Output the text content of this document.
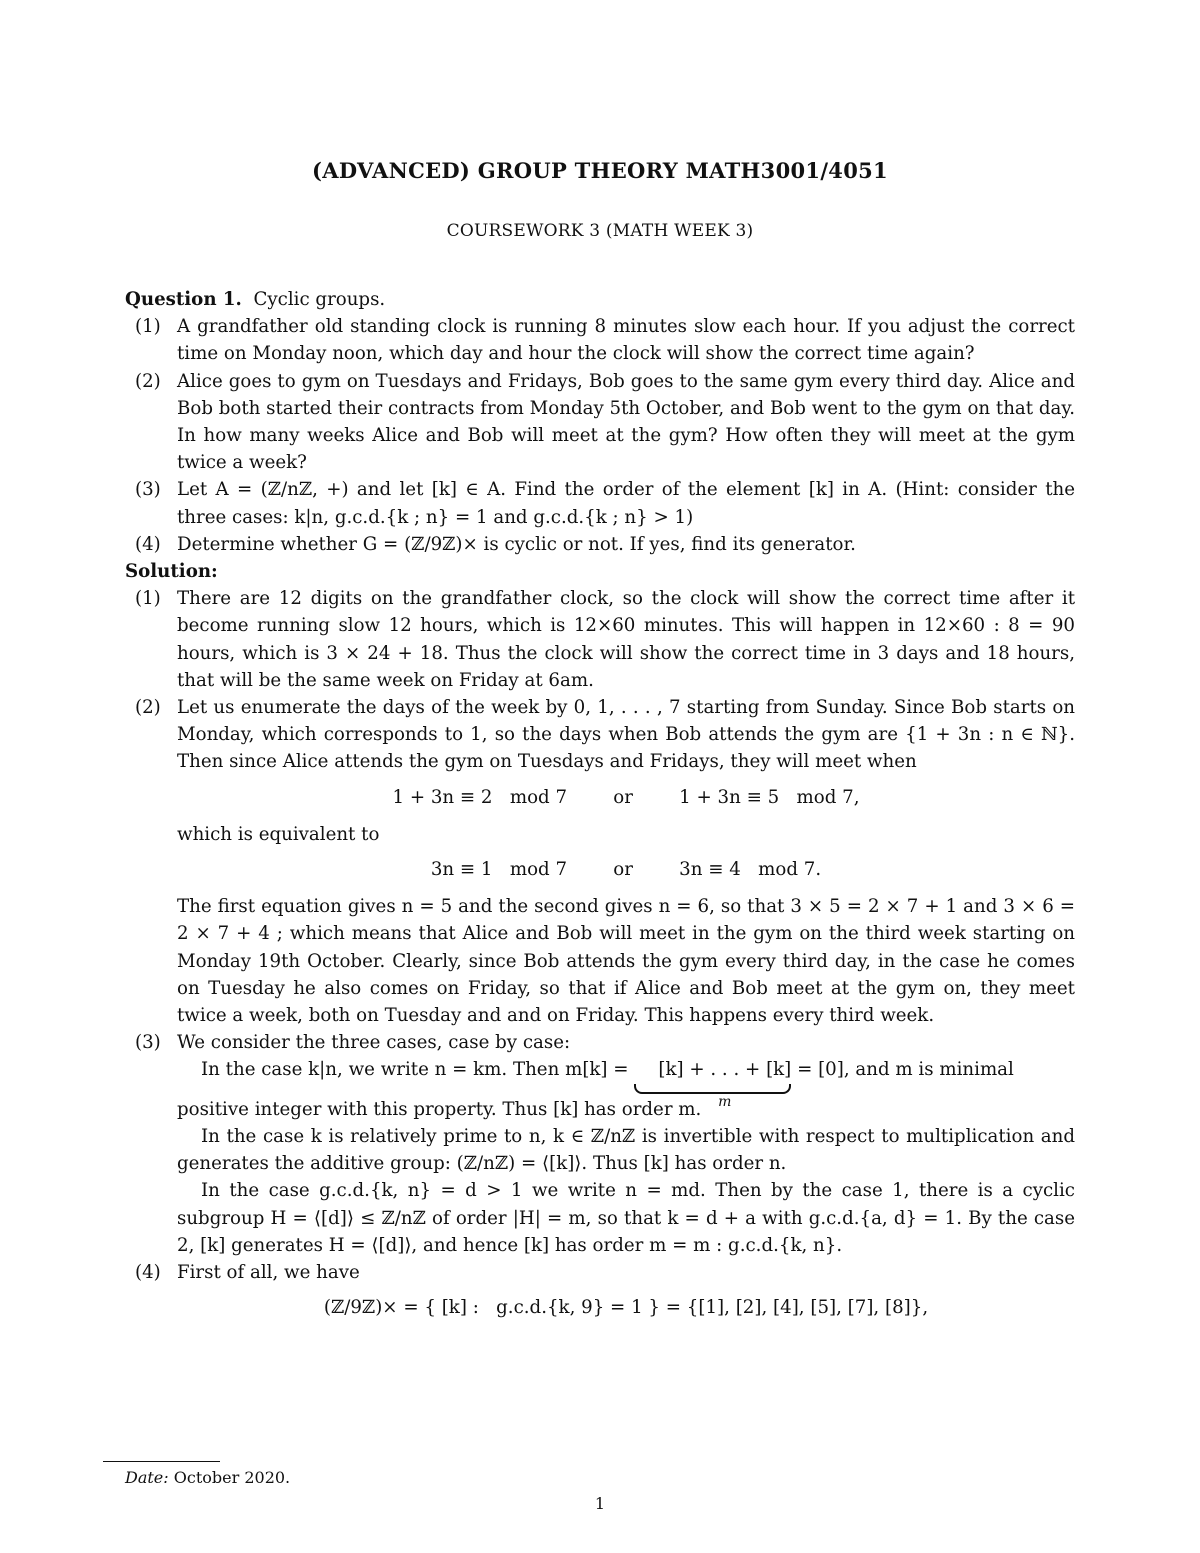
(ADVANCED) GROUP THEORY MATH3001/4051
COURSEWORK 3 (MATH WEEK 3)

Question 1. Cyclic groups.

(1) A grandfather old standing clock is running 8 minutes slow each hour. If you adjust the correct time on Monday noon, which day and hour the clock will show the correct time again?
(2) Alice goes to gym on Tuesdays and Fridays, Bob goes to the same gym every third day. Alice and Bob both started their contracts from Monday 5th October, and Bob went to the gym on that day. In how many weeks Alice and Bob will meet at the gym? How often they will meet at the gym twice a week?
(3) Let A = (ℤ/nℤ, +) and let [k] ∈ A. Find the order of the element [k] in A. (Hint: consider the three cases: k|n, g.c.d.{k ; n} = 1 and g.c.d.{k ; n} > 1)
(4) Determine whether G = (ℤ/9ℤ)× is cyclic or not. If yes, find its generator.

Solution:

(1) There are 12 digits on the grandfather clock, so the clock will show the correct time after it become running slow 12 hours, which is 12×60 minutes. This will happen in 12×60 : 8 = 90 hours, which is 3 × 24 + 18. Thus the clock will show the correct time in 3 days and 18 hours, that will be the same week on Friday at 6am.
(2) Let us enumerate the days of the week by 0, 1, . . . , 7 starting from Sunday. Since Bob starts on Monday, which corresponds to 1, so the days when Bob attends the gym are {1 + 3n : n ∈ ℕ}. Then since Alice attends the gym on Tuesdays and Fridays, they will meet when

1 + 3n ≡ 2   mod 7        or        1 + 3n ≡ 5   mod 7,

which is equivalent to

3n ≡ 1   mod 7        or        3n ≡ 4   mod 7.

The first equation gives n = 5 and the second gives n = 6, so that 3 × 5 = 2 × 7 + 1 and 3 × 6 = 2 × 7 + 4 ; which means that Alice and Bob will meet in the gym on the third week starting on Monday 19th October. Clearly, since Bob attends the gym every third day, in the case he comes on Tuesday he also comes on Friday, so that if Alice and Bob meet at the gym on, they meet twice a week, both on Tuesday and and on Friday. This happens every third week.

(3) We consider the three cases, case by case:

In the case k|n, we write n = km. Then m[k] = [k] + . . . + [k]
m
= [0], and m is minimal

positive integer with this property. Thus [k] has order m.

In the case k is relatively prime to n, k ∈ ℤ/nℤ is invertible with respect to multiplication and generates the additive group: (ℤ/nℤ) = ⟨[k]⟩. Thus [k] has order n.

In the case g.c.d.{k, n} = d > 1 we write n = md. Then by the case 1, there is a cyclic subgroup H = ⟨[d]⟩ ≤ ℤ/nℤ of order |H| = m, so that k = d + a with g.c.d.{a, d} = 1. By the case 2, [k] generates H = ⟨[d]⟩, and hence [k] has order m = m : g.c.d.{k, n}.

(4) First of all, we have

(ℤ/9ℤ)× = { [k] :   g.c.d.{k, 9} = 1 } = {[1], [2], [4], [5], [7], [8]},
Date: October 2020.
1
